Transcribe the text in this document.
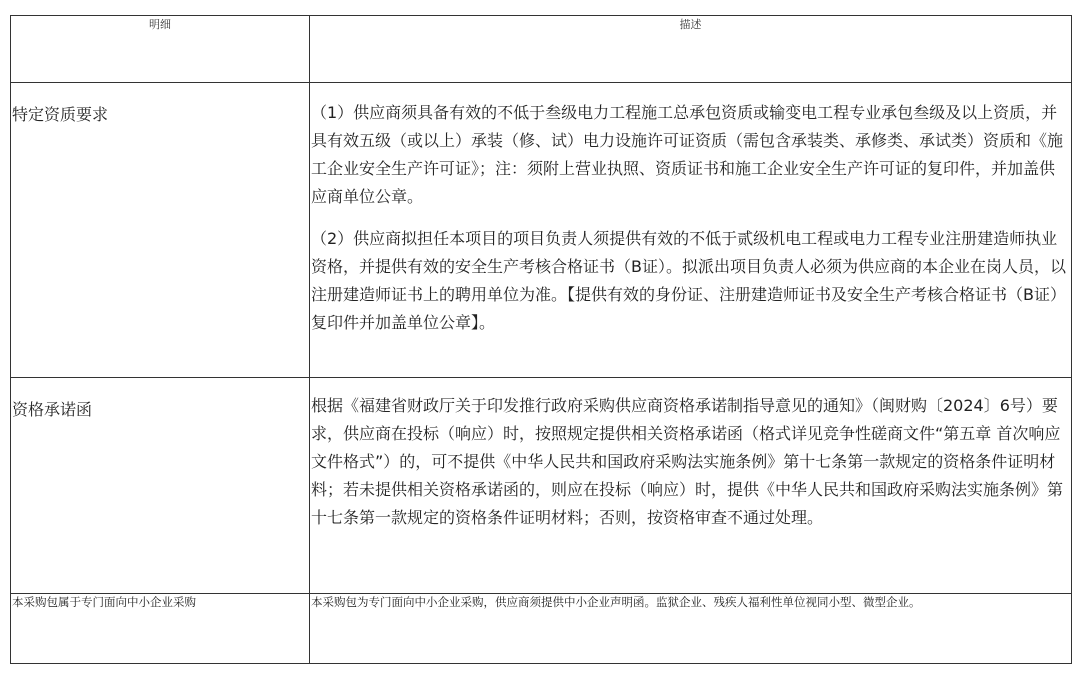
明细	描述

特定资质要求	（1）供应商须具备有效的不低于叁级电力工程施工总承包资质或输变电工程专业承包叁级及以上资质，并具有效五级（或以上）承装（修、试）电力设施许可证资质（需包含承装类、承修类、承试类）资质和《施工企业安全生产许可证》；注：须附上营业执照、资质证书和施工企业安全生产许可证的复印件，并加盖供应商单位公章。

（2）供应商拟担任本项目的项目负责人须提供有效的不低于贰级机电工程或电力工程专业注册建造师执业资格，并提供有效的安全生产考核合格证书（B证）。拟派出项目负责人必须为供应商的本企业在岗人员，以注册建造师证书上的聘用单位为准。【提供有效的身份证、注册建造师证书及安全生产考核合格证书（B证）复印件并加盖单位公章】。

资格承诺函	根据《福建省财政厅关于印发推行政府采购供应商资格承诺制指导意见的通知》（闽财购〔2024〕6号）要求，供应商在投标（响应）时，按照规定提供相关资格承诺函（格式详见竞争性磋商文件“第五章 首次响应文件格式”）的，可不提供《中华人民共和国政府采购法实施条例》第十七条第一款规定的资格条件证明材料；若未提供相关资格承诺函的，则应在投标（响应）时，提供《中华人民共和国政府采购法实施条例》第十七条第一款规定的资格条件证明材料；否则，按资格审查不通过处理。

本采购包属于专门面向中小企业采购	本采购包为专门面向中小企业采购，供应商须提供中小企业声明函。监狱企业、残疾人福利性单位视同小型、微型企业。
